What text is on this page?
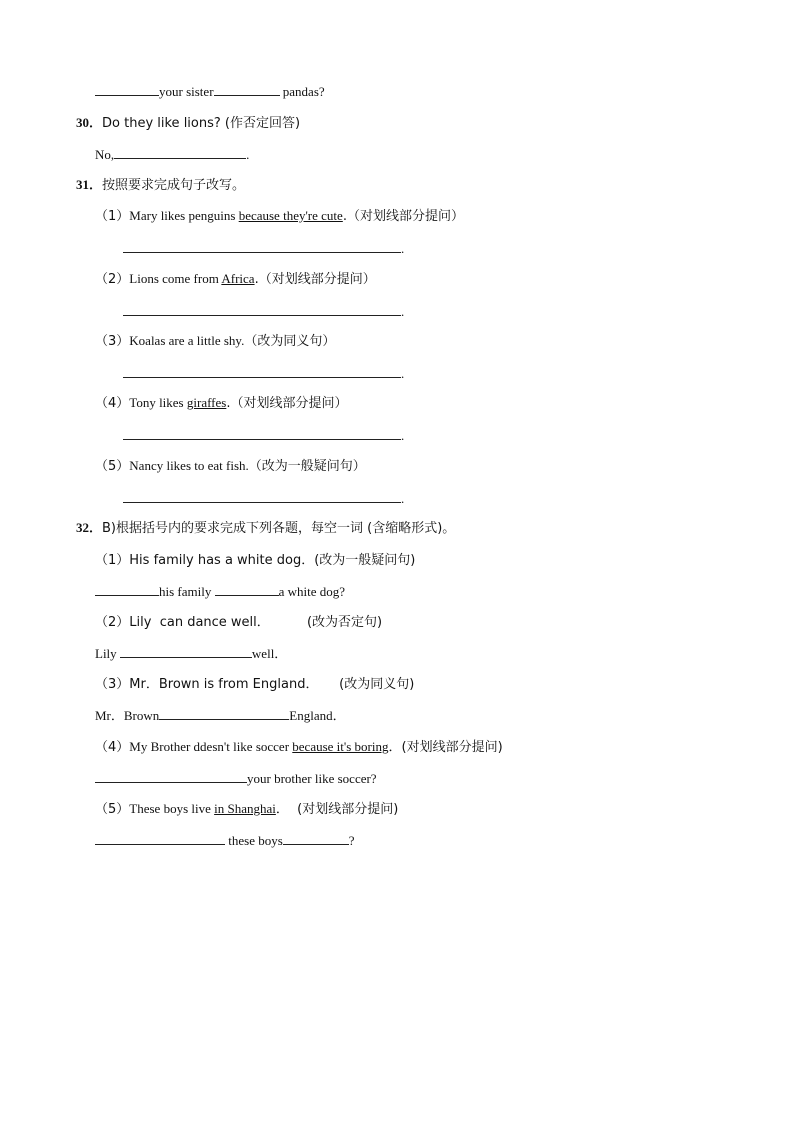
your sister	pandas?
30．Do they like lions? (作否定回答)
No,	.
31．按照要求完成句子改写。
（1）Mary likes penguins because they're cute.（对划线部分提问）
.
（2）Lions come from Africa.（对划线部分提问）
.
（3）Koalas are a little shy.（改为同义句）
.
（4）Tony likes giraffes.（对划线部分提问）
.
（5）Nancy likes to eat fish.（改为一般疑问句）
.
32．B)根据括号内的要求完成下列各题，每空一词 (含缩略形式)。
（1）His family has a white dog．(改为一般疑问句)
his family	a white dog?
（2）Lily  can dance well．         (改为否定句)
Lily	well．
（3）Mr．Brown is from England．     (改为同义句)
Mr．Brown	England．
（4）My Brother ddesn't like soccer because it's boring．(对划线部分提问)
your brother like soccer?
（5）These boys live in Shanghai．  (对划线部分提问)
these boys	?
